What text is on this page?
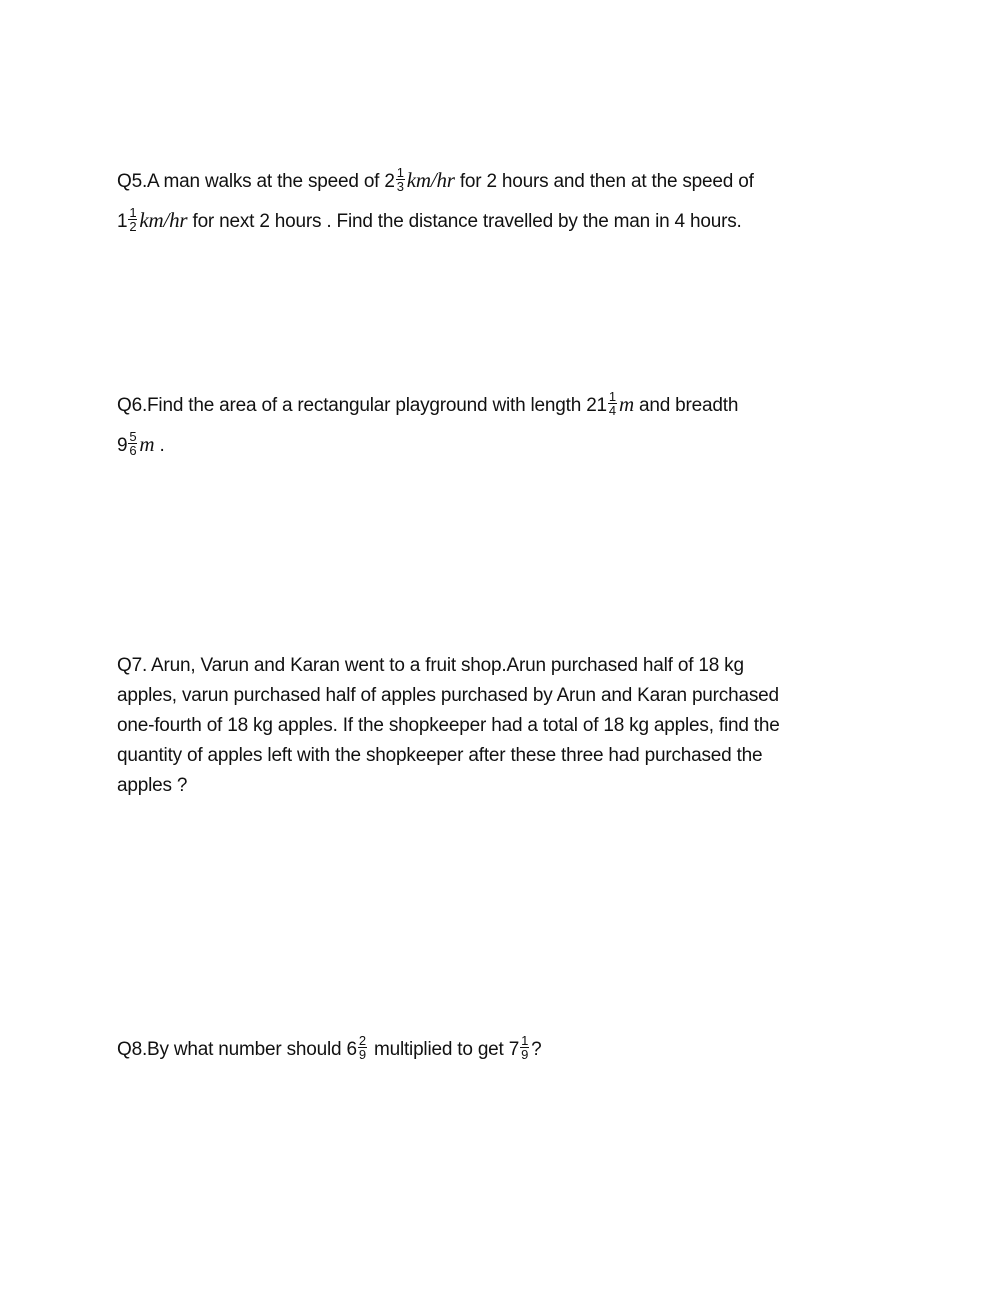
Q5.A man walks at the speed of $2 \frac{1}{3} km/hr$ for 2 hours and then at the speed of
$1 \frac{1}{2} km/hr$ for next 2 hours . Find the distance travelled by the man in 4 hours.
Q6.Find the area of a rectangular playground with length $21 \frac{1}{4}$ m and breadth
$9 \frac{5}{6}$ m .
Q7. Arun, Varun and Karan went to a fruit shop.Arun purchased half of 18 kg
apples, varun purchased half of apples purchased by Arun and Karan purchased
one-fourth of 18 kg apples. If the shopkeeper had a total of 18 kg apples, find the
quantity of apples left with the shopkeeper after these three had purchased the
apples ?
Q8.By what number should $6 \frac{2}{9}$ multiplied to get $7 \frac{1}{9}$ ?
